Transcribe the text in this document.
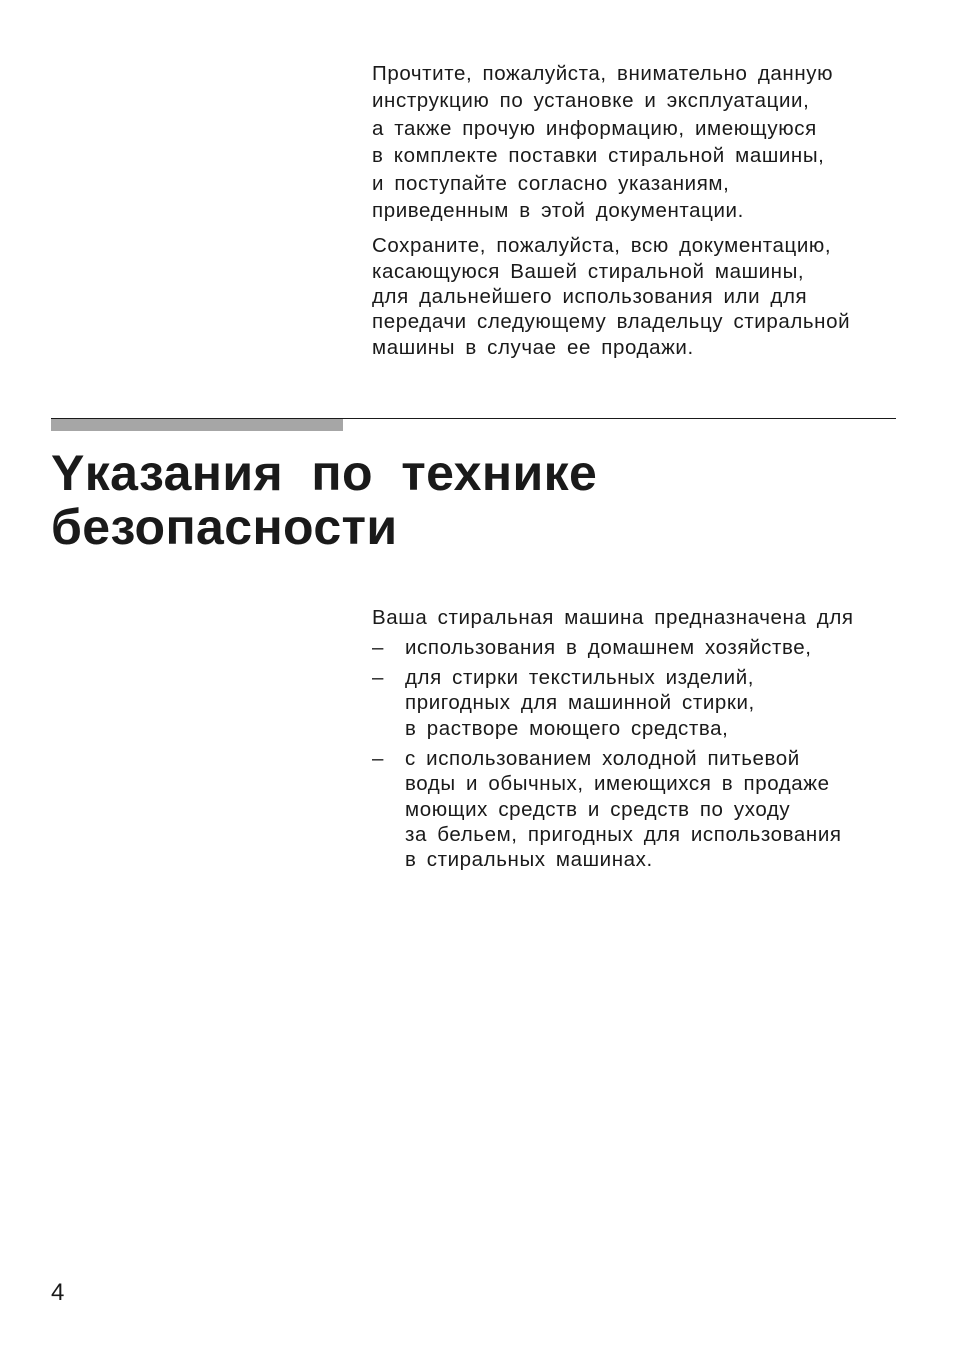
Прочтите, пожалуйста, внимательно данную
инструкцию по установке и эксплуатации,
а также прочую информацию, имеющуюся
в комплекте поставки стиральной машины,
и поступайте согласно указаниям,
приведенным в этой документации.

Сохраните, пожалуйста, всю документацию,
касающуюся Вашей стиральной машины,
для дальнейшего использования или для
передачи следующему владельцу стиральной
машины в случае ее продажи.

Yказания по технике
безопасности

Ваша стиральная машина предназначена для

– использования в домашнем хозяйстве,
– для стирки текстильных изделий,
пригодных для машинной стирки,
в растворе моющего средства,
– с использованием холодной питьевой
воды и обычных, имеющихся в продаже
моющих средств и средств по уходу
за бельем, пригодных для использования
в стиральных машинах.
4
